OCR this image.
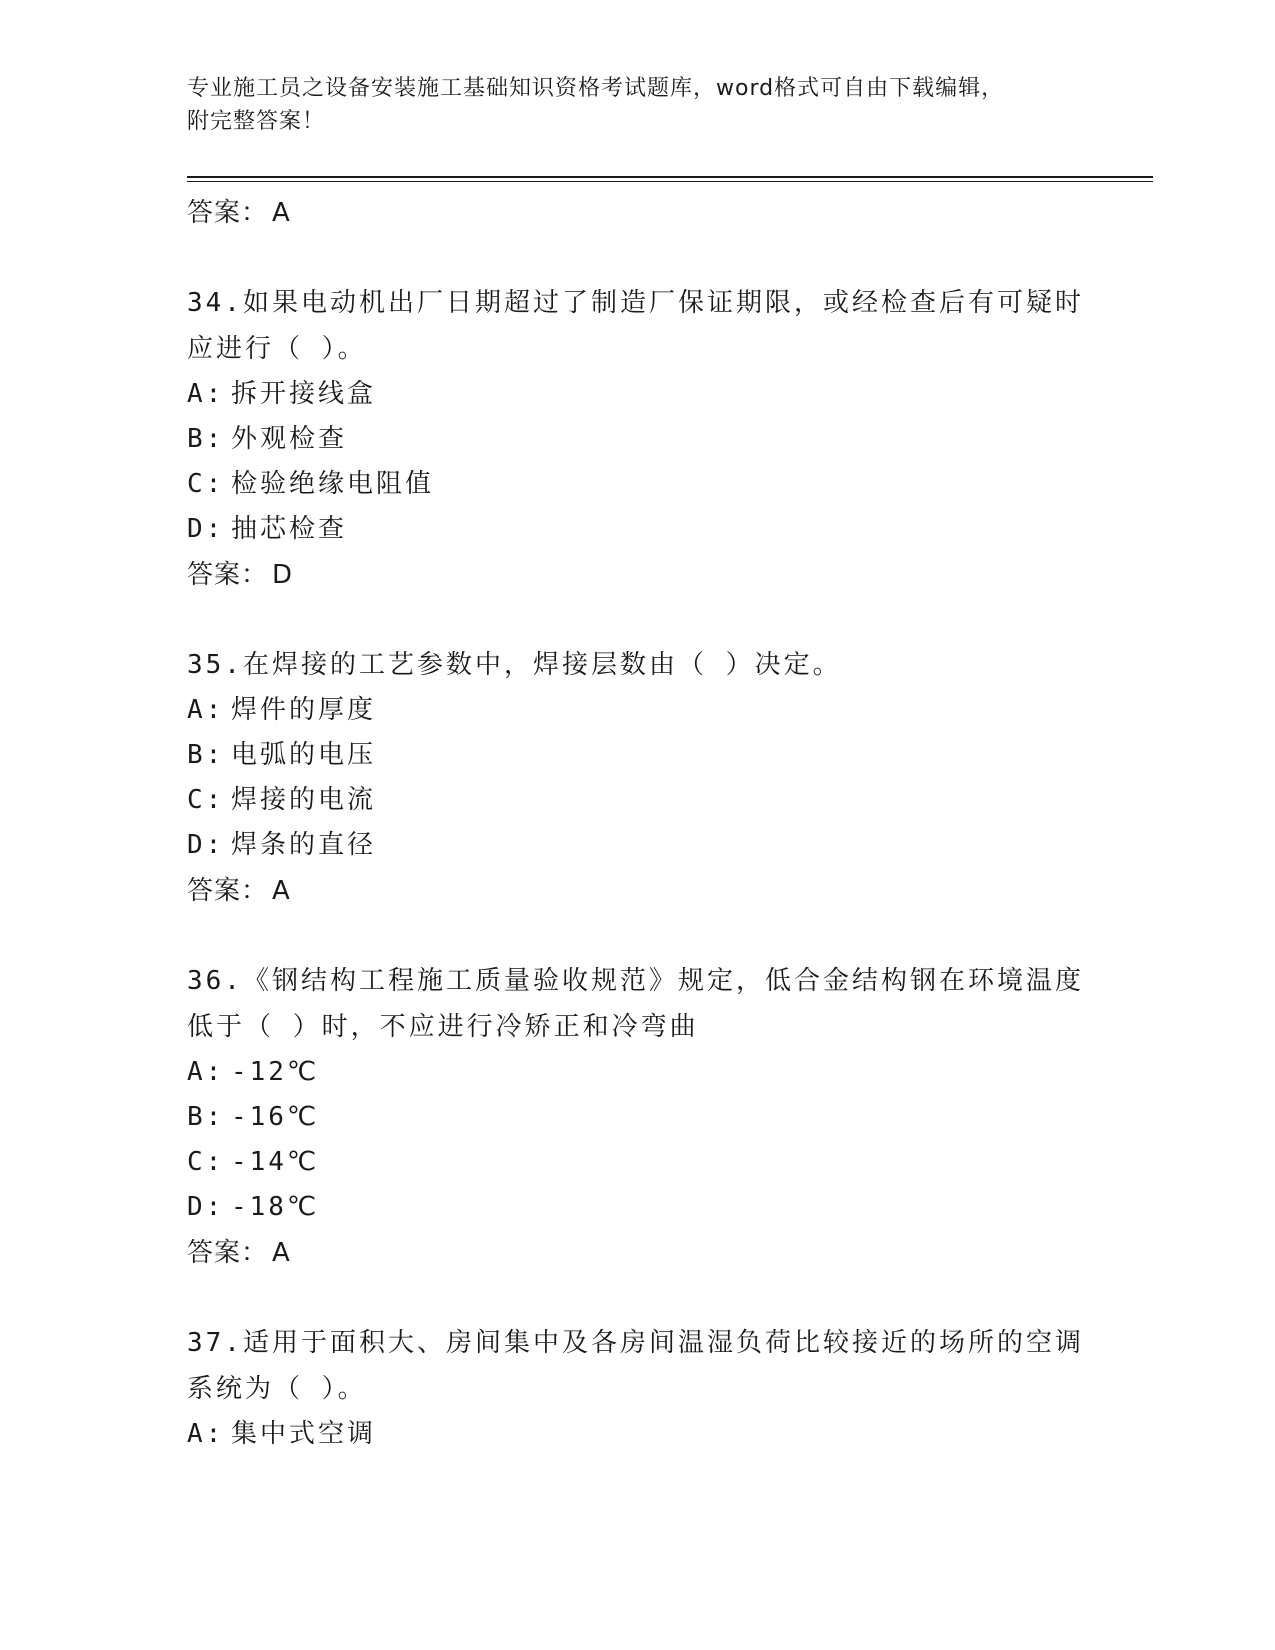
专业施工员之设备安装施工基础知识资格考试题库，word格式可自由下载编辑，
附完整答案！
答案： A
34.如果电动机出厂日期超过了制造厂保证期限，或经检查后有可疑时
应进行（ ）。
A: 拆开接线盒
B: 外观检查
C: 检验绝缘电阻值
D: 抽芯检查
答案： D
35.在焊接的工艺参数中，焊接层数由（ ）决定。
A: 焊件的厚度
B: 电弧的电压
C: 焊接的电流
D: 焊条的直径
答案： A
36.《钢结构工程施工质量验收规范》规定，低合金结构钢在环境温度
低于（ ）时，不应进行冷矫正和冷弯曲
A: -12℃
B: -16℃
C: -14℃
D: -18℃
答案： A
37.适用于面积大、房间集中及各房间温湿负荷比较接近的场所的空调
系统为（ ）。
A: 集中式空调
